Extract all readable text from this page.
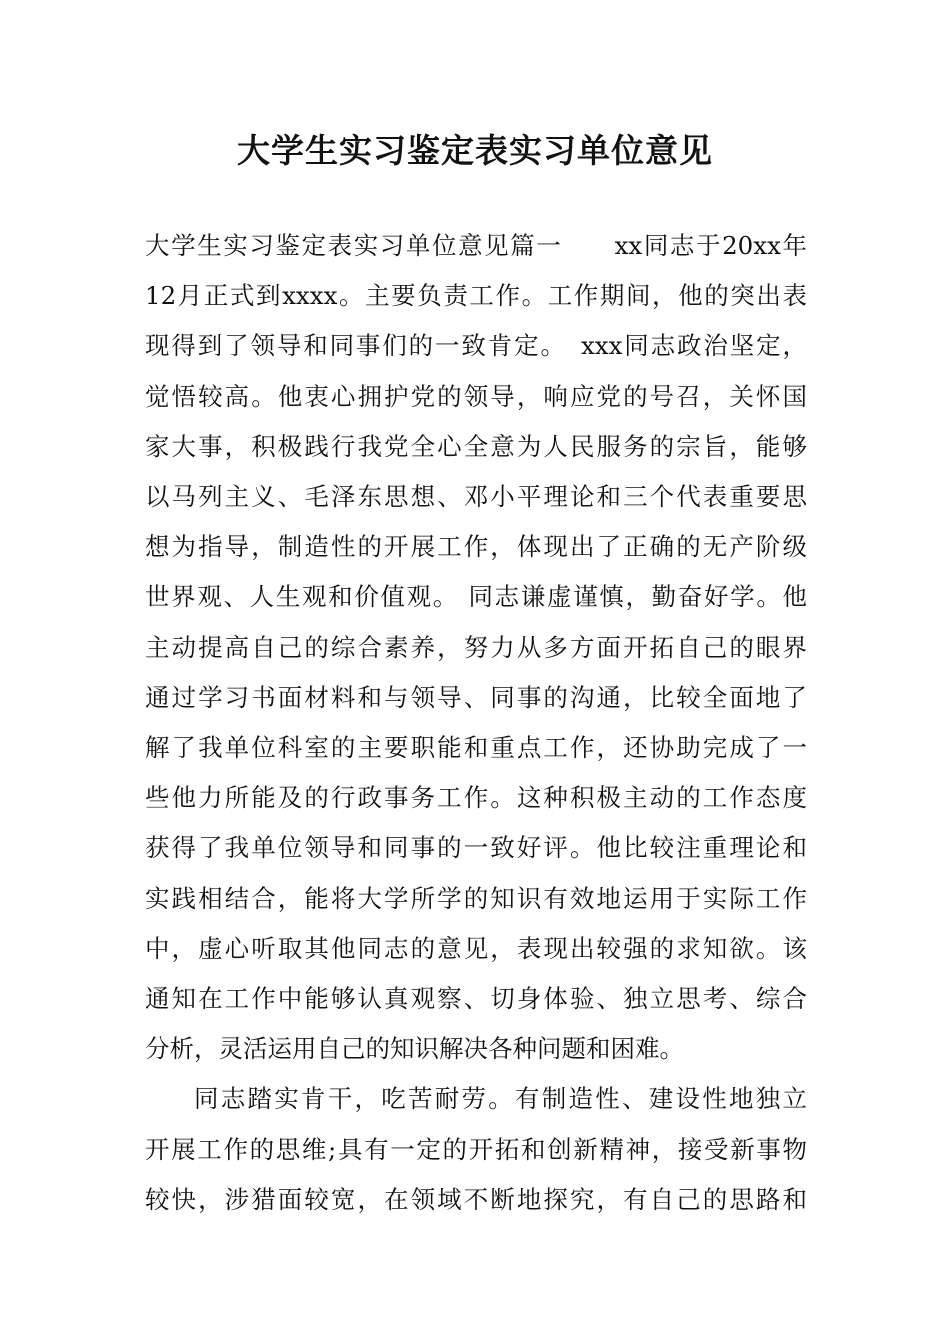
大学生实习鉴定表实习单位意见

大学生实习鉴定表实习单位意见篇一　　xx同志于20xx年
12月正式到xxxx。主要负责工作。工作期间，他的突出表
现得到了领导和同事们的一致肯定。　xxx同志政治坚定，
觉悟较高。他衷心拥护党的领导，响应党的号召，关怀国
家大事，积极践行我党全心全意为人民服务的宗旨，能够
以马列主义、毛泽东思想、邓小平理论和三个代表重要思
想为指导，制造性的开展工作，体现出了正确的无产阶级
世界观、人生观和价值观。 同志谦虚谨慎，勤奋好学。他
主动提高自己的综合素养，努力从多方面开拓自己的眼界
通过学习书面材料和与领导、同事的沟通，比较全面地了
解了我单位科室的主要职能和重点工作，还协助完成了一
些他力所能及的行政事务工作。这种积极主动的工作态度
获得了我单位领导和同事的一致好评。他比较注重理论和
实践相结合，能将大学所学的知识有效地运用于实际工作
中，虚心听取其他同志的意见，表现出较强的求知欲。该
通知在工作中能够认真观察、切身体验、独立思考、综合
分析，灵活运用自己的知识解决各种问题和困难。

同志踏实肯干，吃苦耐劳。有制造性、建设性地独立
开展工作的思维;具有一定的开拓和创新精神，接受新事物
较快，涉猎面较宽，在领域不断地探究，有自己的思路和
